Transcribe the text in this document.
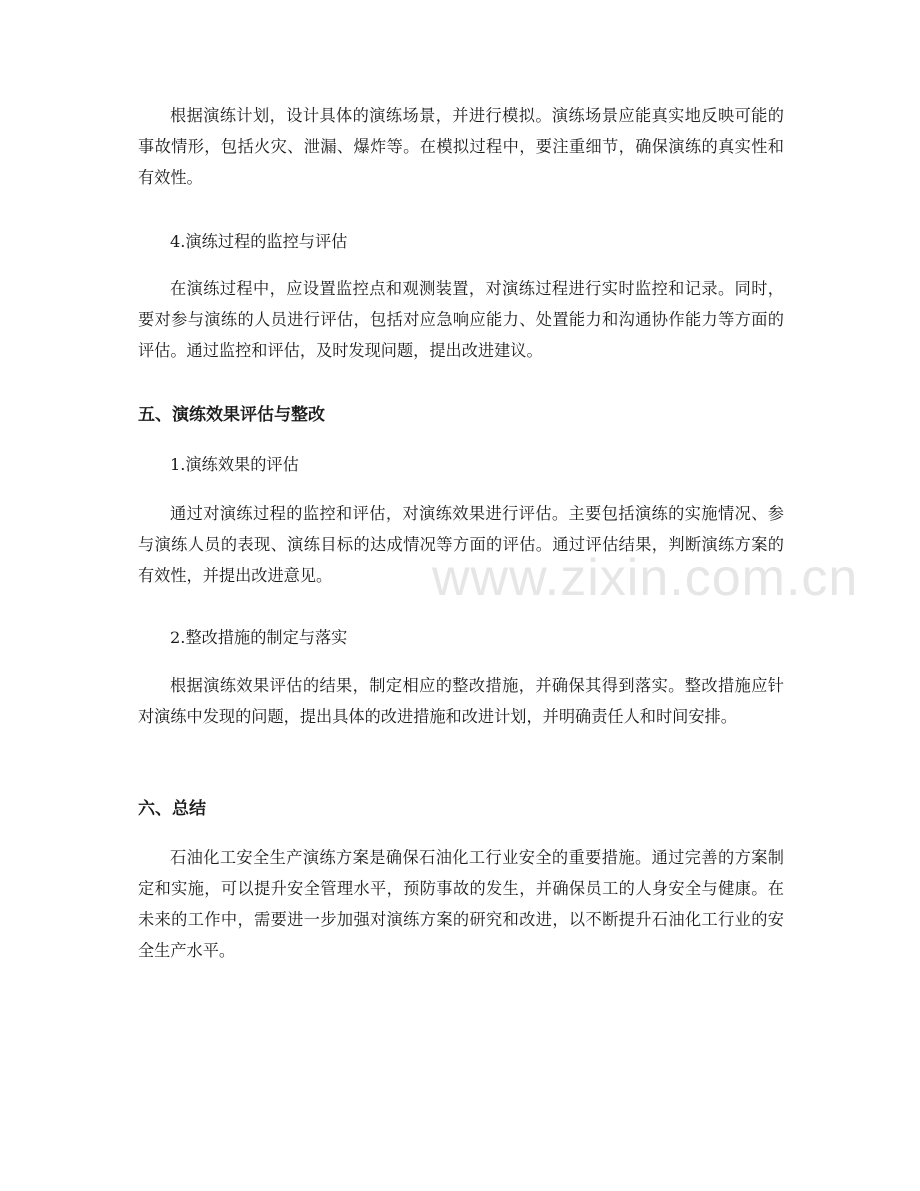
根据演练计划，设计具体的演练场景，并进行模拟。演练场景应能真实地反映可能的事故情形，包括火灾、泄漏、爆炸等。在模拟过程中，要注重细节，确保演练的真实性和有效性。

4.演练过程的监控与评估

在演练过程中，应设置监控点和观测装置，对演练过程进行实时监控和记录。同时，要对参与演练的人员进行评估，包括对应急响应能力、处置能力和沟通协作能力等方面的评估。通过监控和评估，及时发现问题，提出改进建议。

五、演练效果评估与整改

1.演练效果的评估

通过对演练过程的监控和评估，对演练效果进行评估。主要包括演练的实施情况、参与演练人员的表现、演练目标的达成情况等方面的评估。通过评估结果，判断演练方案的有效性，并提出改进意见。

2.整改措施的制定与落实

根据演练效果评估的结果，制定相应的整改措施，并确保其得到落实。整改措施应针对演练中发现的问题，提出具体的改进措施和改进计划，并明确责任人和时间安排。

六、总结

石油化工安全生产演练方案是确保石油化工行业安全的重要措施。通过完善的方案制定和实施，可以提升安全管理水平，预防事故的发生，并确保员工的人身安全与健康。在未来的工作中，需要进一步加强对演练方案的研究和改进，以不断提升石油化工行业的安全生产水平。

www.zixin.com.cn
